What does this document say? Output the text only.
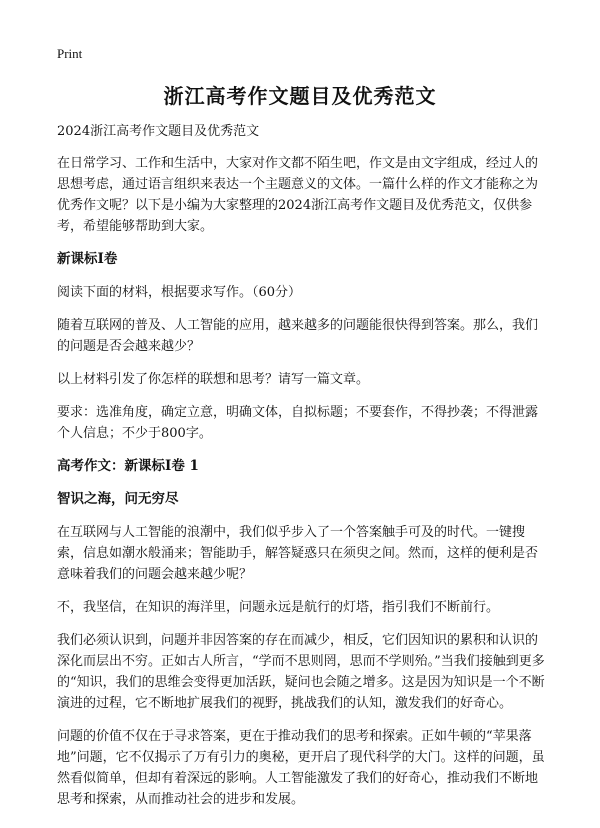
Print
浙江高考作文题目及优秀范文

2024浙江高考作文题目及优秀范文

在日常学习、工作和生活中，大家对作文都不陌生吧，作文是由文字组成，经过人的思想考虑，通过语言组织来表达一个主题意义的文体。一篇什么样的作文才能称之为优秀作文呢？以下是小编为大家整理的2024浙江高考作文题目及优秀范文，仅供参考，希望能够帮助到大家。

新课标I卷

阅读下面的材料，根据要求写作。（60分）

随着互联网的普及、人工智能的应用，越来越多的问题能很快得到答案。那么，我们的问题是否会越来越少？

以上材料引发了你怎样的联想和思考？请写一篇文章。

要求：选准角度，确定立意，明确文体，自拟标题；不要套作，不得抄袭；不得泄露个人信息；不少于800字。

高考作文：新课标I卷 1
智识之海，问无穷尽

在互联网与人工智能的浪潮中，我们似乎步入了一个答案触手可及的时代。一键搜索，信息如潮水般涌来；智能助手，解答疑惑只在须臾之间。然而，这样的便利是否意味着我们的问题会越来越少呢？

不，我坚信，在知识的海洋里，问题永远是航行的灯塔，指引我们不断前行。

我们必须认识到，问题并非因答案的存在而减少，相反，它们因知识的累积和认识的深化而层出不穷。正如古人所言，“学而不思则罔，思而不学则殆。”当我们接触到更多的“知识，我们的思维会变得更加活跃，疑问也会随之增多。这是因为知识是一个不断演进的过程，它不断地扩展我们的视野，挑战我们的认知，激发我们的好奇心。

问题的价值不仅在于寻求答案，更在于推动我们的思考和探索。正如牛顿的“苹果落地”问题，它不仅揭示了万有引力的奥秘，更开启了现代科学的大门。这样的问题，虽然看似简单，但却有着深远的影响。人工智能激发了我们的好奇心，推动我们不断地思考和探索，从而推动社会的进步和发展。
